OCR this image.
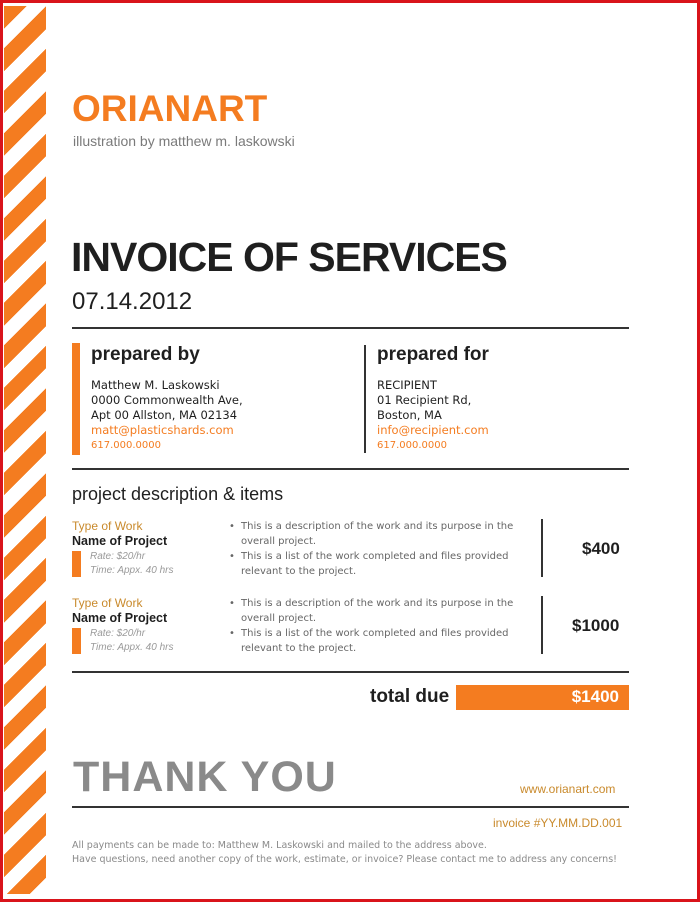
ORIANART
illustration by matthew m. laskowski
INVOICE OF SERVICES
07.14.2012
prepared by
Matthew M. Laskowski
0000 Commonwealth Ave,
Apt 00 Allston, MA 02134
matt@plasticshards.com
617.000.0000
prepared for
RECIPIENT
01 Recipient Rd,
Boston, MA
info@recipient.com
617.000.0000
project description & items
Type of Work
Name of Project
Rate: $20/hr
Time: Appx. 40 hrs
• This is a description of the work and its purpose in the
overall project.
• This is a list of the work completed and files provided
relevant to the project.
$400
Type of Work
Name of Project
Rate: $20/hr
Time: Appx. 40 hrs
• This is a description of the work and its purpose in the
overall project.
• This is a list of the work completed and files provided
relevant to the project.
$1000
total due	$1400
THANK YOU	www.orianart.com
invoice #YY.MM.DD.001
All payments can be made to: Matthew M. Laskowski and mailed to the address above.
Have questions, need another copy of the work, estimate, or invoice? Please contact me to address any concerns!
